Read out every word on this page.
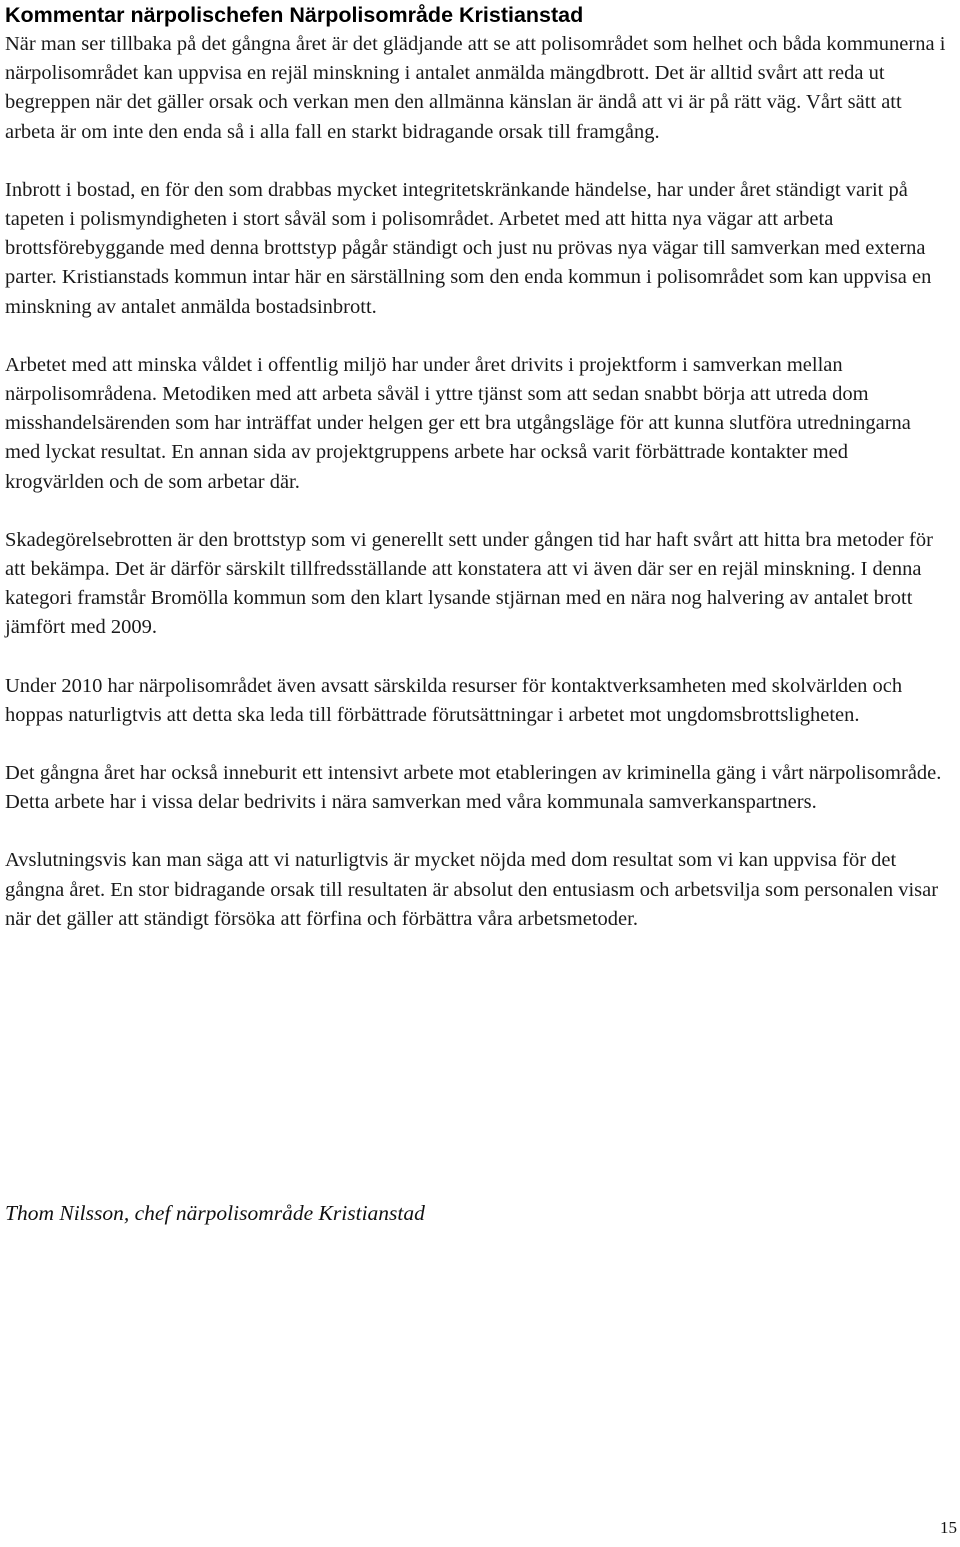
Kommentar närpolischefen Närpolisområde Kristianstad

När man ser tillbaka på det gångna året är det glädjande att se att polisområdet som helhet och båda kommunerna i närpolisområdet kan uppvisa en rejäl minskning i antalet anmälda mängdbrott. Det är alltid svårt att reda ut begreppen när det gäller orsak och verkan men den allmänna känslan är ändå att vi är på rätt väg. Vårt sätt att arbeta är om inte den enda så i alla fall en starkt bidragande orsak till framgång.

Inbrott i bostad, en för den som drabbas mycket integritetskränkande händelse, har under året ständigt varit på tapeten i polismyndigheten i stort såväl som i polisområdet. Arbetet med att hitta nya vägar att arbeta brottsförebyggande med denna brottstyp pågår ständigt och just nu prövas nya vägar till samverkan med externa parter. Kristianstads kommun intar här en särställning som den enda kommun i polisområdet som kan uppvisa en minskning av antalet anmälda bostadsinbrott.

Arbetet med att minska våldet i offentlig miljö har under året drivits i projektform i samverkan mellan närpolisområdena. Metodiken med att arbeta såväl i yttre tjänst som att sedan snabbt börja att utreda dom misshandelsärenden som har inträffat under helgen ger ett bra utgångsläge för att kunna slutföra utredningarna med lyckat resultat. En annan sida av projektgruppens arbete har också varit förbättrade kontakter med krogvärlden och de som arbetar där.

Skadegörelsebrotten är den brottstyp som vi generellt sett under gången tid har haft svårt att hitta bra metoder för att bekämpa. Det är därför särskilt tillfredsställande att konstatera att vi även där ser en rejäl minskning. I denna kategori framstår Bromölla kommun som den klart lysande stjärnan med en nära nog halvering av antalet brott jämfört med 2009.

Under 2010 har närpolisområdet även avsatt särskilda resurser för kontaktverksamheten med skolvärlden och hoppas naturligtvis att detta ska leda till förbättrade förutsättningar i arbetet mot ungdomsbrottsligheten.

Det gångna året har också inneburit ett intensivt arbete mot etableringen av kriminella gäng i vårt närpolisområde. Detta arbete har i vissa delar bedrivits i nära samverkan med våra kommunala samverkanspartners.

Avslutningsvis kan man säga att vi naturligtvis är mycket nöjda med dom resultat som vi kan uppvisa för det gångna året. En stor bidragande orsak till resultaten är absolut den entusiasm och arbetsvilja som personalen visar när det gäller att ständigt försöka att förfina och förbättra våra arbetsmetoder.

Thom Nilsson, chef närpolisområde Kristianstad
15
